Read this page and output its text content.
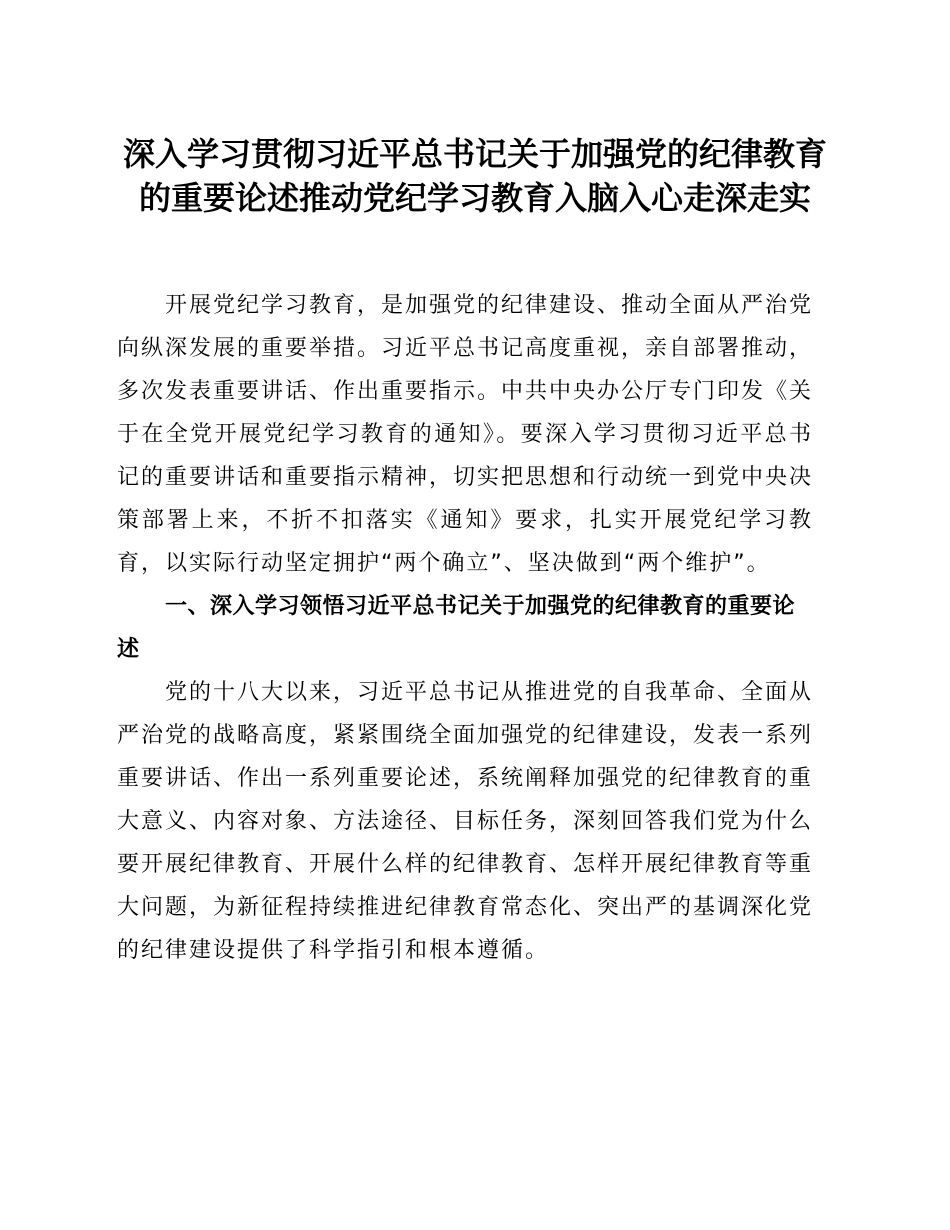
深入学习贯彻习近平总书记关于加强党的纪律教育的重要论述推动党纪学习教育入脑入心走深走实

开展党纪学习教育，是加强党的纪律建设、推动全面从严治党向纵深发展的重要举措。习近平总书记高度重视，亲自部署推动，多次发表重要讲话、作出重要指示。中共中央办公厅专门印发《关于在全党开展党纪学习教育的通知》。要深入学习贯彻习近平总书记的重要讲话和重要指示精神，切实把思想和行动统一到党中央决策部署上来，不折不扣落实《通知》要求，扎实开展党纪学习教育，以实际行动坚定拥护“两个确立”、坚决做到“两个维护”。

一、深入学习领悟习近平总书记关于加强党的纪律教育的重要论述

党的十八大以来，习近平总书记从推进党的自我革命、全面从严治党的战略高度，紧紧围绕全面加强党的纪律建设，发表一系列重要讲话、作出一系列重要论述，系统阐释加强党的纪律教育的重大意义、内容对象、方法途径、目标任务，深刻回答我们党为什么要开展纪律教育、开展什么样的纪律教育、怎样开展纪律教育等重大问题，为新征程持续推进纪律教育常态化、突出严的基调深化党的纪律建设提供了科学指引和根本遵循。
